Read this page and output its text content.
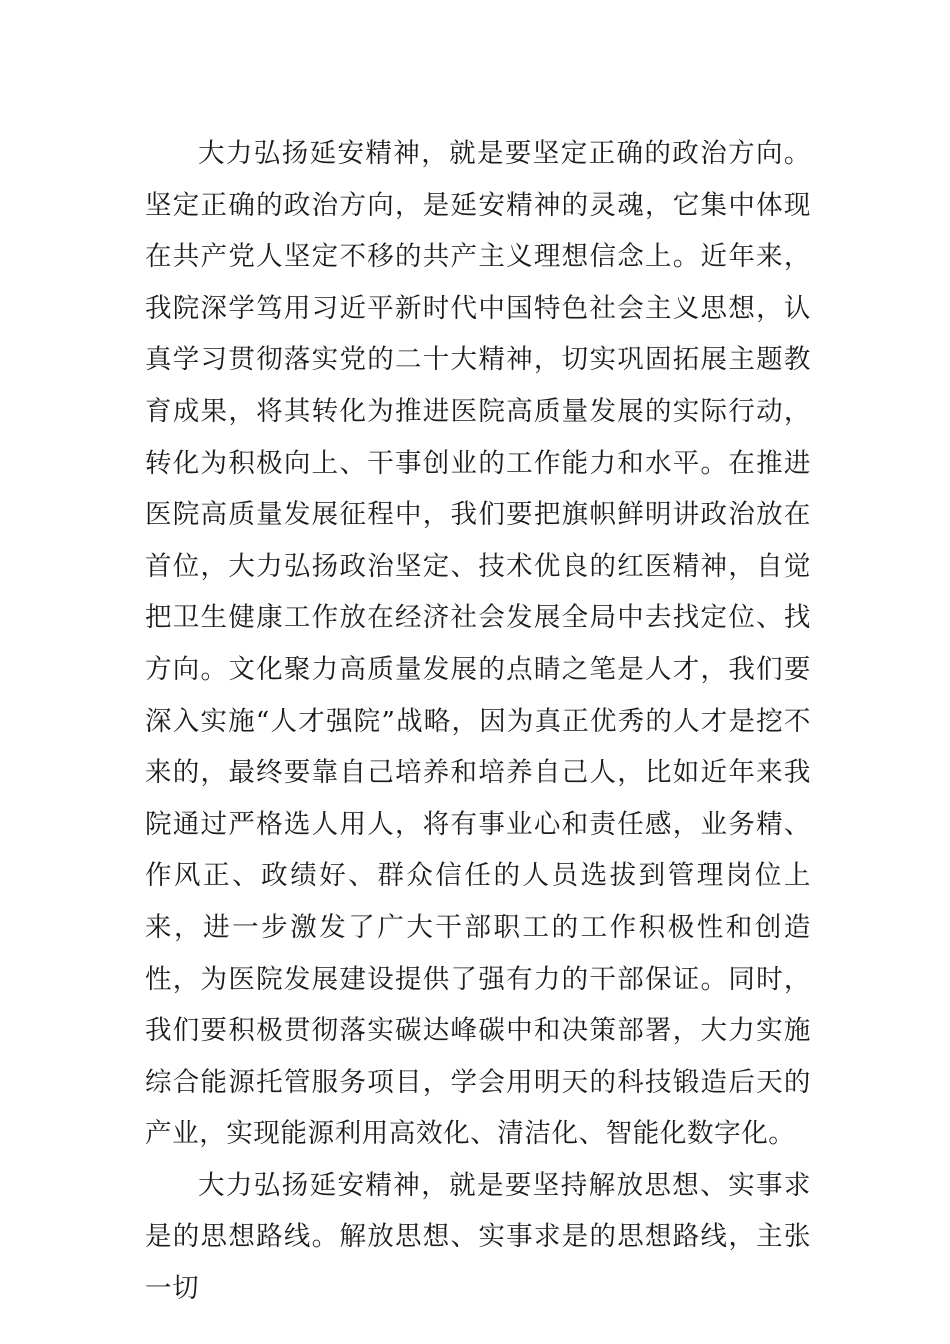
大力弘扬延安精神，就是要坚定正确的政治方向。坚定正确的政治方向，是延安精神的灵魂，它集中体现在共产党人坚定不移的共产主义理想信念上。近年来，我院深学笃用习近平新时代中国特色社会主义思想，认真学习贯彻落实党的二十大精神，切实巩固拓展主题教育成果，将其转化为推进医院高质量发展的实际行动，转化为积极向上、干事创业的工作能力和水平。在推进医院高质量发展征程中，我们要把旗帜鲜明讲政治放在首位，大力弘扬政治坚定、技术优良的红医精神，自觉把卫生健康工作放在经济社会发展全局中去找定位、找方向。文化聚力高质量发展的点睛之笔是人才，我们要深入实施“人才强院”战略，因为真正优秀的人才是挖不来的，最终要靠自己培养和培养自己人，比如近年来我院通过严格选人用人，将有事业心和责任感，业务精、作风正、政绩好、群众信任的人员选拔到管理岗位上来，进一步激发了广大干部职工的工作积极性和创造性，为医院发展建设提供了强有力的干部保证。同时，我们要积极贯彻落实碳达峰碳中和决策部署，大力实施综合能源托管服务项目，学会用明天的科技锻造后天的产业，实现能源利用高效化、清洁化、智能化数字化。

大力弘扬延安精神，就是要坚持解放思想、实事求是的思想路线。解放思想、实事求是的思想路线，主张一切
